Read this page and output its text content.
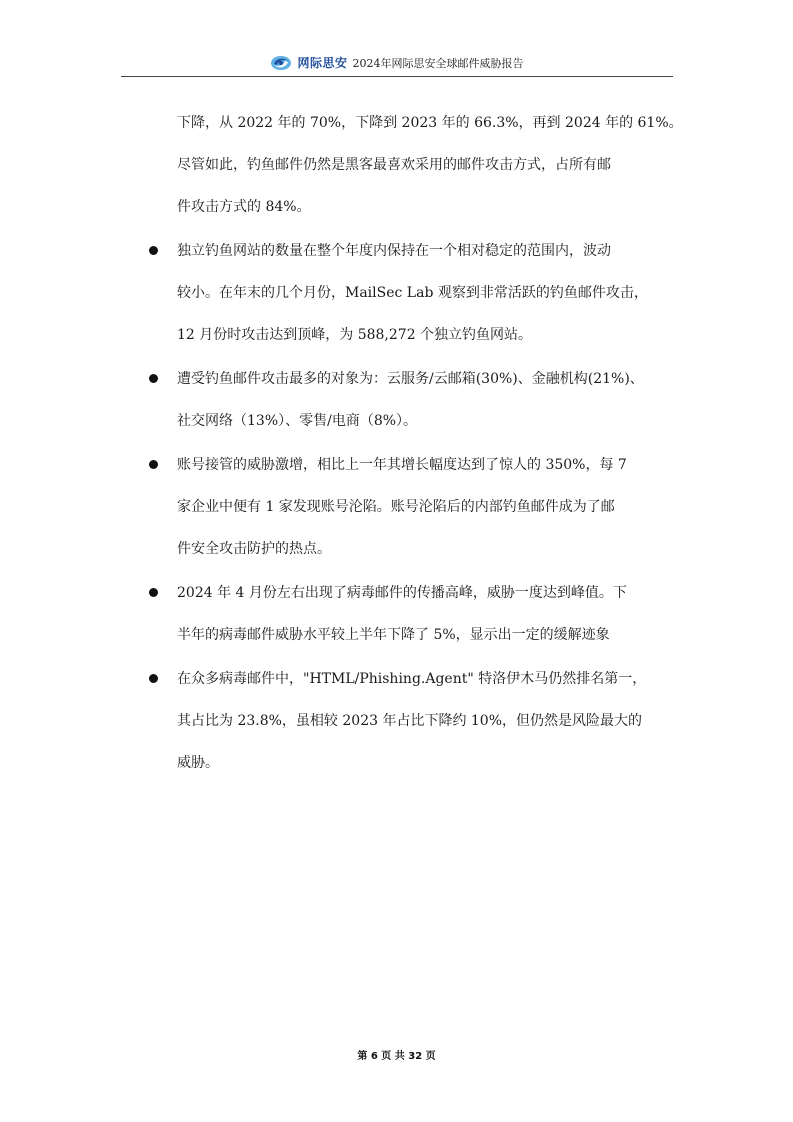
网际思安 2024年网际思安全球邮件威胁报告
下降，从 2022 年的 70%，下降到 2023 年的 66.3%，再到 2024 年的 61%。
尽管如此，钓鱼邮件仍然是黑客最喜欢采用的邮件攻击方式，占所有邮
件攻击方式的 84%。
独立钓鱼网站的数量在整个年度内保持在一个相对稳定的范围内，波动
较小。在年末的几个月份，MailSec Lab 观察到非常活跃的钓鱼邮件攻击，
12 月份时攻击达到顶峰，为 588,272 个独立钓鱼网站。
遭受钓鱼邮件攻击最多的对象为：云服务/云邮箱(30%)、金融机构(21%)、
社交网络（13%）、零售/电商（8%）。
账号接管的威胁激增，相比上一年其增长幅度达到了惊人的 350%，每 7
家企业中便有 1 家发现账号沦陷。账号沦陷后的内部钓鱼邮件成为了邮
件安全攻击防护的热点。
2024 年 4 月份左右出现了病毒邮件的传播高峰，威胁一度达到峰值。下
半年的病毒邮件威胁水平较上半年下降了 5%，显示出一定的缓解迹象
在众多病毒邮件中，"HTML/Phishing.Agent" 特洛伊木马仍然排名第一，
其占比为 23.8%，虽相较 2023 年占比下降约 10%，但仍然是风险最大的
威胁。
第 6 页 共 32 页
